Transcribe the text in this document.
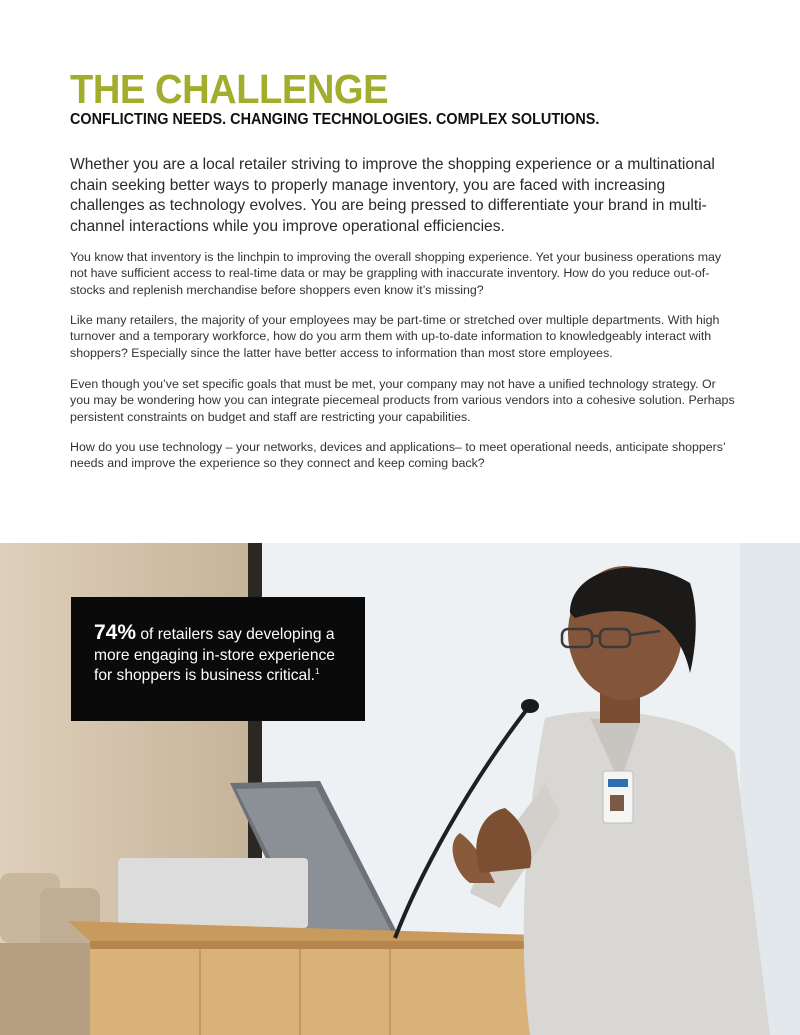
THE CHALLENGE
CONFLICTING NEEDS. CHANGING TECHNOLOGIES. COMPLEX SOLUTIONS.

Whether you are a local retailer striving to improve the shopping experience or a multinational chain seeking better ways to properly manage inventory, you are faced with increasing challenges as technology evolves. You are being pressed to differentiate your brand in multi-channel interactions while you improve operational efficiencies.

You know that inventory is the linchpin to improving the overall shopping experience. Yet your business operations may not have sufficient access to real-time data or may be grappling with inaccurate inventory. How do you reduce out-of-stocks and replenish merchandise before shoppers even know it’s missing?

Like many retailers, the majority of your employees may be part-time or stretched over multiple departments. With high turnover and a temporary workforce, how do you arm them with up-to-date information to knowledgeably interact with shoppers? Especially since the latter have better access to information than most store employees.

Even though you’ve set specific goals that must be met, your company may not have a unified technology strategy. Or you may be wondering how you can integrate piecemeal products from various vendors into a cohesive solution. Perhaps persistent constraints on budget and staff are restricting your capabilities.

How do you use technology – your networks, devices and applications– to meet operational needs, anticipate shoppers’ needs and improve the experience so they connect and keep coming back?

74% of retailers say developing a more engaging in-store experience for shoppers is business critical.$^1$
